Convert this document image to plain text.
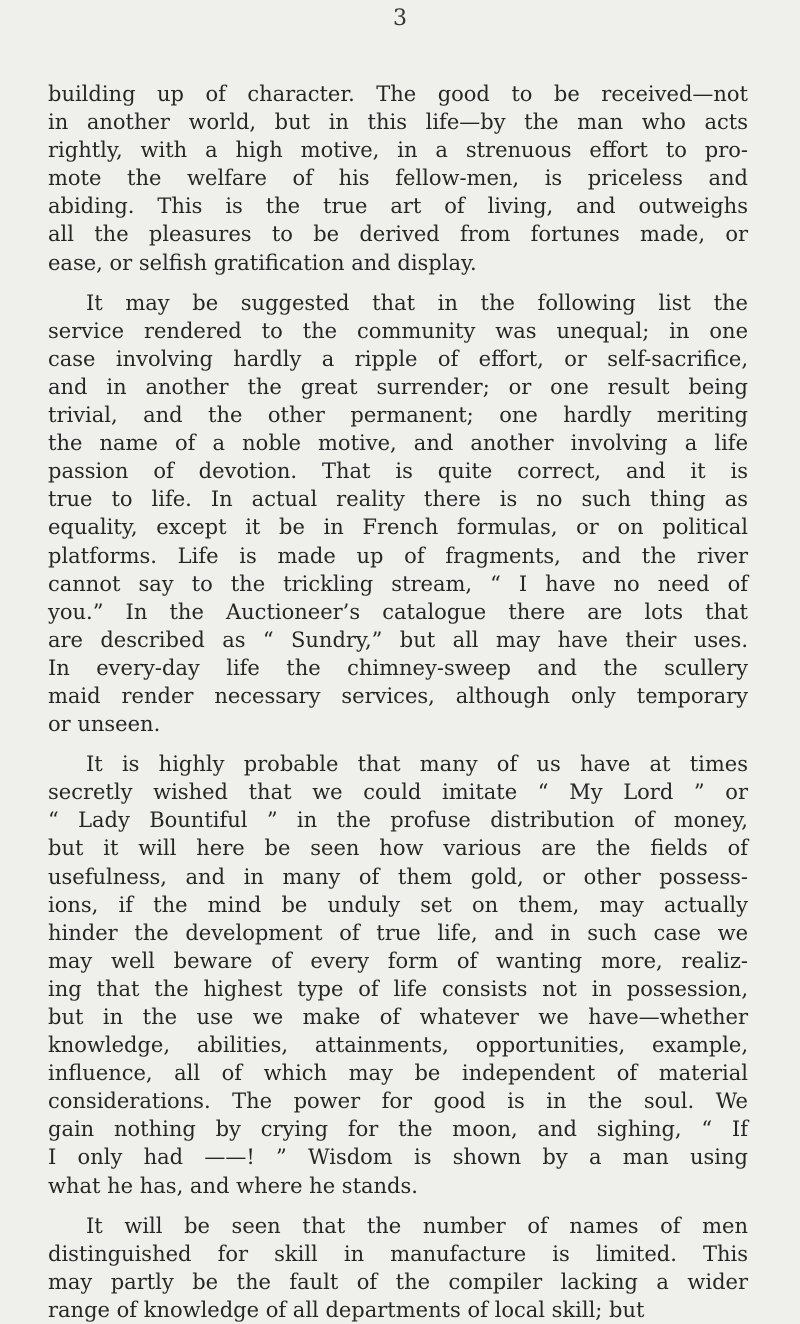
3
building up of character. The good to be received—not
in another world, but in this life—by the man who acts
rightly, with a high motive, in a strenuous effort to pro-
mote the welfare of his fellow-men, is priceless and
abiding. This is the true art of living, and outweighs
all the pleasures to be derived from fortunes made, or
ease, or selfish gratification and display.
It may be suggested that in the following list the
service rendered to the community was unequal; in one
case involving hardly a ripple of effort, or self-sacrifice,
and in another the great surrender; or one result being
trivial, and the other permanent; one hardly meriting
the name of a noble motive, and another involving a life
passion of devotion. That is quite correct, and it is
true to life. In actual reality there is no such thing as
equality, except it be in French formulas, or on political
platforms. Life is made up of fragments, and the river
cannot say to the trickling stream, “ I have no need of
you.” In the Auctioneer’s catalogue there are lots that
are described as “ Sundry,” but all may have their uses.
In every-day life the chimney-sweep and the scullery
maid render necessary services, although only temporary
or unseen.
It is highly probable that many of us have at times
secretly wished that we could imitate “ My Lord ” or
“ Lady Bountiful ” in the profuse distribution of money,
but it will here be seen how various are the fields of
usefulness, and in many of them gold, or other possess-
ions, if the mind be unduly set on them, may actually
hinder the development of true life, and in such case we
may well beware of every form of wanting more, realiz-
ing that the highest type of life consists not in possession,
but in the use we make of whatever we have—whether
knowledge, abilities, attainments, opportunities, example,
influence, all of which may be independent of material
considerations. The power for good is in the soul. We
gain nothing by crying for the moon, and sighing, “ If
I only had ——! ” Wisdom is shown by a man using
what he has, and where he stands.
It will be seen that the number of names of men
distinguished for skill in manufacture is limited. This
may partly be the fault of the compiler lacking a wider
range of knowledge of all departments of local skill; but
